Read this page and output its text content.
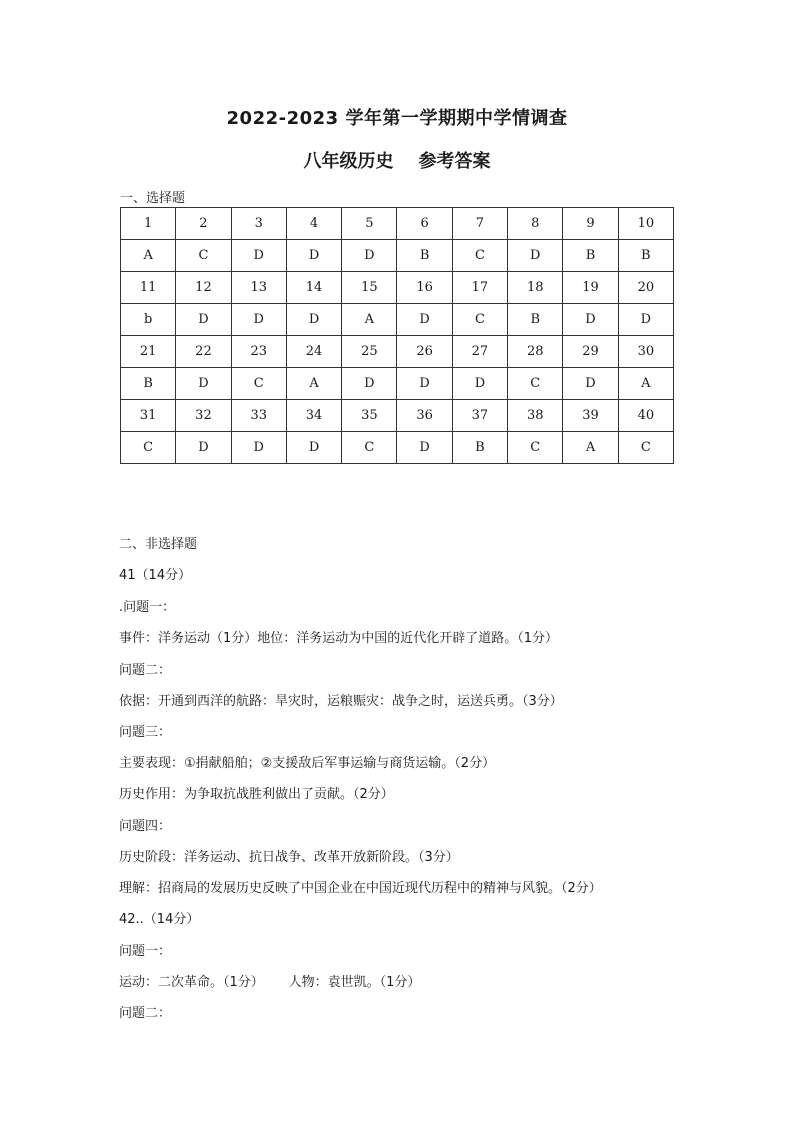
2022-2023 学年第一学期期中学情调查
八年级历史    参考答案
一、选择题
1	2	3	4	5	6	7	8	9	10
A	C	D	D	D	B	C	D	B	B
11	12	13	14	15	16	17	18	19	20
b	D	D	D	A	D	C	B	D	D
21	22	23	24	25	26	27	28	29	30
B	D	C	A	D	D	D	C	D	A
31	32	33	34	35	36	37	38	39	40
C	D	D	D	C	D	B	C	A	C
二、非选择题
41（14分）
.问题一：
事件：洋务运动（1分）地位：洋务运动为中国的近代化开辟了道路。（1分）
问题二：
依据：开通到西洋的航路：旱灾时，运粮赈灾：战争之时，运送兵勇。（3分）
问题三：
主要表现：①捐献船舶；②支援敌后军事运输与商货运输。（2分）
历史作用：为争取抗战胜利做出了贡献。（2分）
问题四：
历史阶段：洋务运动、抗日战争、改革开放新阶段。（3分）
理解：招商局的发展历史反映了中国企业在中国近现代历程中的精神与风貌。（2分）
42..（14分）
问题一：
运动：二次革命。（1分）      人物：袁世凯。（1分）
问题二：
